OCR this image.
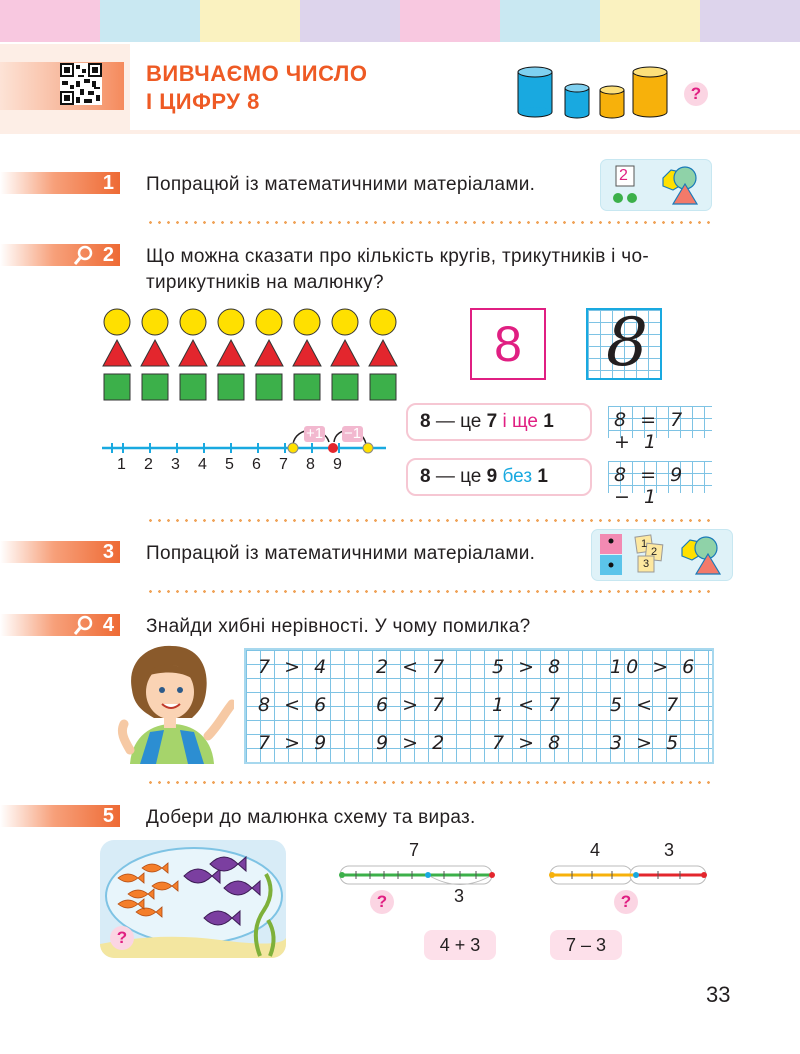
ВИВЧАЄМО ЧИСЛО
І ЦИФРУ 8	?
1	Попрацюй із математичними матеріалами.	2
2	Що можна сказати про кількість кругів, трикутників і чо-
тирикутників на малюнку?
8	8
+1 −1
1 2 3 4 5 6 7 8 9
8 — це 7 і ще 1	8 = 7 + 1
8 — це 9 без 1	8 = 9 − 1
3	Попрацюй із математичними матеріалами.	1
2
3
4	Знайди хибні нерівності. У чому помилка?
7 > 4 2 < 7 5 > 8 10 > 6
8 < 6 6 > 7 1 < 7 5 < 7
7 > 9 9 > 2 7 > 8 3 > 5
5	Добери до малюнка схему та вираз.
?
7
3
?
4	3
?
4 + 3	7 – 3
33
